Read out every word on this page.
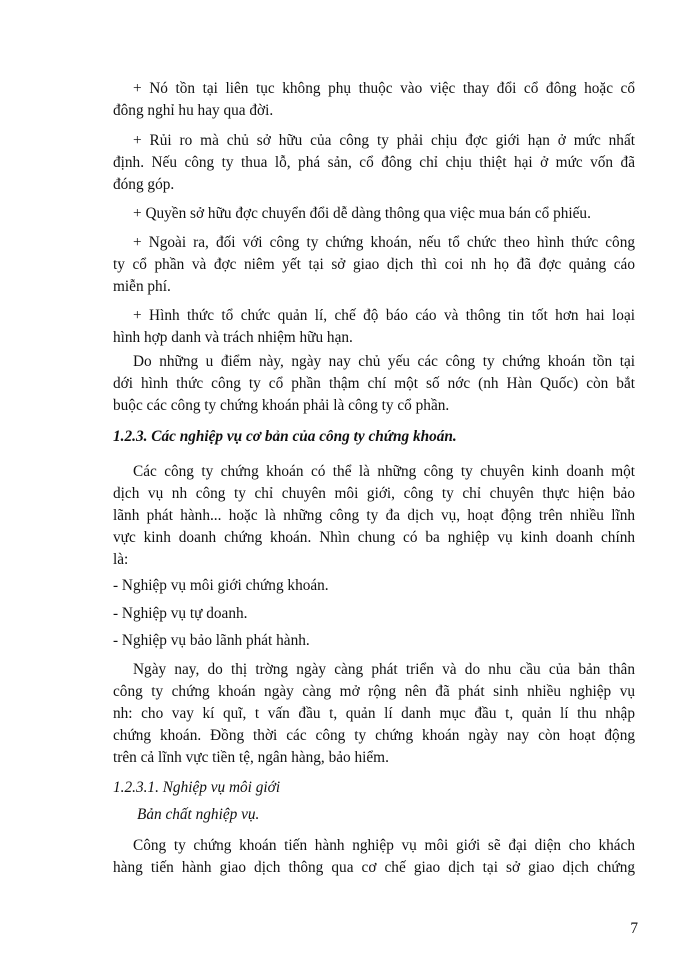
+ Nó tồn tại liên tục không phụ thuộc vào việc thay đổi cổ đông hoặc cổ
đông nghỉ hu hay qua đời.
+ Rủi ro mà chủ sở hữu của công ty phải chịu đợc giới hạn ở mức nhất
định. Nếu công ty thua lỗ, phá sản, cổ đông chỉ chịu thiệt hại ở mức vốn đã
đóng góp.
+ Quyền sở hữu đợc chuyển đổi dễ dàng thông qua việc mua bán cổ phiếu.
+ Ngoài ra, đối với công ty chứng khoán, nếu tổ chức theo hình thức công
ty cổ phần và đợc niêm yết tại sở giao dịch thì coi nh họ đã đợc quảng cáo
miễn phí.
+ Hình thức tổ chức quản lí, chế độ báo cáo và thông tin tốt hơn hai loại
hình hợp danh và trách nhiệm hữu hạn.
Do những u điểm này, ngày nay chủ yếu các công ty chứng khoán tồn tại
dới hình thức công ty cổ phần thậm chí một số nớc (nh Hàn Quốc) còn bắt
buộc các công ty chứng khoán phải là công ty cổ phần.
1.2.3. Các nghiệp vụ cơ bản của công ty chứng khoán.
Các công ty chứng khoán có thể là những công ty chuyên kinh doanh một
dịch vụ nh công ty chỉ chuyên môi giới, công ty chỉ chuyên thực hiện bảo
lãnh phát hành... hoặc là những công ty đa dịch vụ, hoạt động trên nhiều lĩnh
vực kinh doanh chứng khoán. Nhìn chung có ba nghiệp vụ kinh doanh chính
là:
- Nghiệp vụ môi giới chứng khoán.
- Nghiệp vụ tự doanh.
- Nghiệp vụ bảo lãnh phát hành.
Ngày nay, do thị trờng ngày càng phát triển và do nhu cầu của bản thân
công ty chứng khoán ngày càng mở rộng nên đã phát sinh nhiều nghiệp vụ
nh: cho vay kí quĩ, t vấn đầu t, quản lí danh mục đầu t, quản lí thu nhập
chứng khoán. Đồng thời các công ty chứng khoán ngày nay còn hoạt động
trên cả lĩnh vực tiền tệ, ngân hàng, bảo hiểm.
1.2.3.1. Nghiệp vụ môi giới
Bản chất nghiệp vụ.
Công ty chứng khoán tiến hành nghiệp vụ môi giới sẽ đại diện cho khách
hàng tiến hành giao dịch thông qua cơ chế giao dịch tại sở giao dịch chứng
7
